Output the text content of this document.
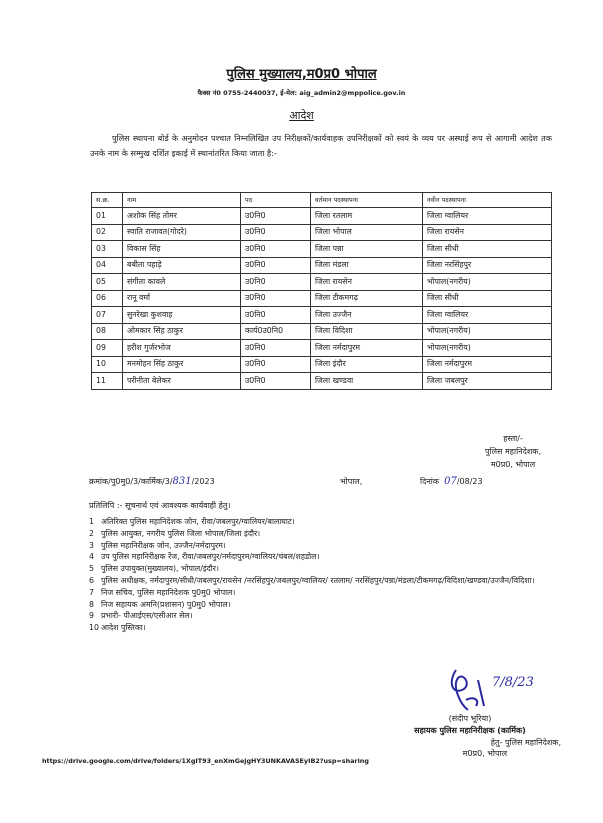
पुलिस मुख्यालय,म0प्र0 भोपाल
फैक्स नं0 0755-2440037, ई-मेल: aig_admin2@mppolice.gov.in
आदेश
पुलिस स्थापना बोर्ड के अनुमोदन पश्चात निम्नलिखित उप निरीक्षकों/कार्यवाहक उपनिरीक्षकों को स्वयं के व्यय पर अस्थाई रूप से आगामी आदेश तक उनके नाम के सम्मुख दर्शित इकाई में स्थानांतरित किया जाता है:-
स.क्र.	नाम	पद	वर्तमान पदस्थापना	नवीन पदस्थापना
01	अशोक सिंह तोमर	उ0नि0	जिला रतलाम	जिला ग्वालियर
02	स्वाति राजावत(गोदरे)	उ0नि0	जिला भोपाल	जिला रायसेन
03	विकास सिंह	उ0नि0	जिला पन्ना	जिला सीधी
04	बबीता पहाड़े	उ0नि0	जिला मंडला	जिला नरसिंहपुर
05	संगीता कावले	उ0नि0	जिला रायसेन	भोपाल(नगरीय)
06	रानू वर्मा	उ0नि0	जिला टीकमगढ़	जिला सीधी
07	सुनरेखा कुशवाह	उ0नि0	जिला उज्जैन	जिला ग्वालियर
08	ओमकार सिंह ठाकुर	कार्य0उ0नि0	जिला विदिशा	भोपाल(नगरीय)
09	हरीश गुर्जरभोज	उ0नि0	जिला नर्मदापुरम	भोपाल(नगरीय)
10	मनमोहन सिंह ठाकुर	उ0नि0	जिला इंदौर	जिला नर्मदापुरम
11	परीनीता बेलेकर	उ0नि0	जिला खण्डवा	जिला जबलपुर
हस्ता/-
पुलिस महानिदेशक,
म0प्र0, भोपाल
क्रमांक/पु0मु0/3/कार्मिक/3/831/2023	भोपाल,	दिनांक 07/08/23
प्रतिलिपि :- सूचनार्थ एवं आवश्यक कार्यवाही हेतु।
1 अतिरिक्त पुलिस महानिदेशक जोन, रीवा/जबलपुर/ग्वालियर/बालाघाट।
2 पुलिस आयुक्त, नगरीय पुलिस जिला भोपाल/जिला इंदौर।
3 पुलिस महानिरीक्षक जोन, उज्जैन/नर्मदापुरम।
4 उप पुलिस महानिरीक्षक रेंज, रीवा/जबलपुर/नर्मदापुरम/ग्वालियर/चंबल/शहडोल।
5 पुलिस उपायुक्त(मुख्यालय), भोपाल/इंदौर।
6 पुलिस अधीक्षक, नर्मदापुरम/सीधी/जबलपुर/रायसेन /नरसिंहपुर/जबलपुर/ग्वालियर/ रतलाम/ नरसिंहपुर/पन्ना/मंडला/टीकमगढ़/विदिशा/खण्डवा/उज्जैन/विदिशा।
7 निज सचिव, पुलिस महानिदेशक पु0मु0 भोपाल।
8 निज सहायक अमनि(प्रशासन) पु0मु0 भोपाल।
9 प्रभारी- पीआईएस/एसीआर सेल।
10 आदेश पुस्तिका।
7/8/23
(संदीप भूरिया)
सहायक पुलिस महानिरीक्षक (कार्मिक)
हेतु- पुलिस महानिदेशक,
म0प्र0, भोपाल
https://drive.google.com/drive/folders/1XgIT93_enXmGejgHY3UNKAVASEyIB2?usp=sharing
